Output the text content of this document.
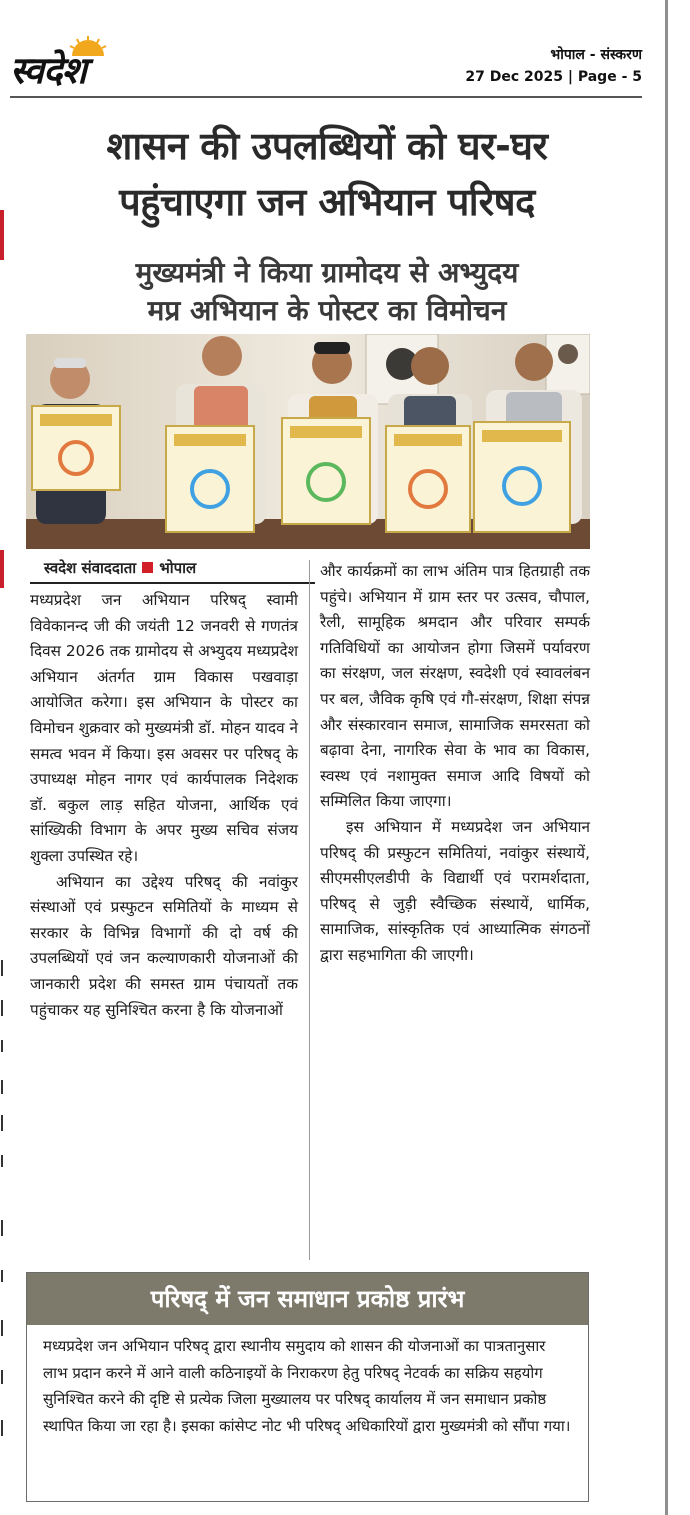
स्वदेश	भोपाल - संस्करण
27 Dec 2025 | Page - 5
शासन की उपलब्धियों को घर-घर
पहुंचाएगा जन अभियान परिषद
मुख्यमंत्री ने किया ग्रामोदय से अभ्युदय
मप्र अभियान के पोस्टर का विमोचन
स्वदेश संवाददाता भोपाल

मध्यप्रदेश जन अभियान परिषद् स्वामी विवेकानन्द जी की जयंती 12 जनवरी से गणतंत्र दिवस 2026 तक ग्रामोदय से अभ्युदय मध्यप्रदेश अभियान अंतर्गत ग्राम विकास पखवाड़ा आयोजित करेगा। इस अभियान के पोस्टर का विमोचन शुक्रवार को मुख्यमंत्री डॉ. मोहन यादव ने समत्व भवन में किया। इस अवसर पर परिषद् के उपाध्यक्ष मोहन नागर एवं कार्यपालक निदेशक डॉ. बकुल लाड़ सहित योजना, आर्थिक एवं सांख्यिकी विभाग के अपर मुख्य सचिव संजय शुक्ला उपस्थित रहे।

अभियान का उद्देश्य परिषद् की नवांकुर संस्थाओं एवं प्रस्फुटन समितियों के माध्यम से सरकार के विभिन्न विभागों की दो वर्ष की उपलब्धियों एवं जन कल्याणकारी योजनाओं की जानकारी प्रदेश की समस्त ग्राम पंचायतों तक पहुंचाकर यह सुनिश्चित करना है कि योजनाओं

और कार्यक्रमों का लाभ अंतिम पात्र हितग्राही तक पहुंचे। अभियान में ग्राम स्तर पर उत्सव, चौपाल, रैली, सामूहिक श्रमदान और परिवार सम्पर्क गतिविधियों का आयोजन होगा जिसमें पर्यावरण का संरक्षण, जल संरक्षण, स्वदेशी एवं स्वावलंबन पर बल, जैविक कृषि एवं गौ-संरक्षण, शिक्षा संपन्न और संस्कारवान समाज, सामाजिक समरसता को बढ़ावा देना, नागरिक सेवा के भाव का विकास, स्वस्थ एवं नशामुक्त समाज आदि विषयों को सम्मिलित किया जाएगा।

इस अभियान में मध्यप्रदेश जन अभियान परिषद् की प्रस्फुटन समितियां, नवांकुर संस्थायें, सीएमसीएलडीपी के विद्यार्थी एवं परामर्शदाता, परिषद् से जुड़ी स्वैच्छिक संस्थायें, धार्मिक, सामाजिक, सांस्कृतिक एवं आध्यात्मिक संगठनों द्वारा सहभागिता की जाएगी।

परिषद् में जन समाधान प्रकोष्ठ प्रारंभ
मध्यप्रदेश जन अभियान परिषद् द्वारा स्थानीय समुदाय को शासन की योजनाओं का पात्रतानुसार लाभ प्रदान करने में आने वाली कठिनाइयों के निराकरण हेतु परिषद् नेटवर्क का सक्रिय सहयोग सुनिश्चित करने की दृष्टि से प्रत्येक जिला मुख्यालय पर परिषद् कार्यालय में जन समाधान प्रकोष्ठ स्थापित किया जा रहा है। इसका कांसेप्ट नोट भी परिषद् अधिकारियों द्वारा मुख्यमंत्री को सौंपा गया।
